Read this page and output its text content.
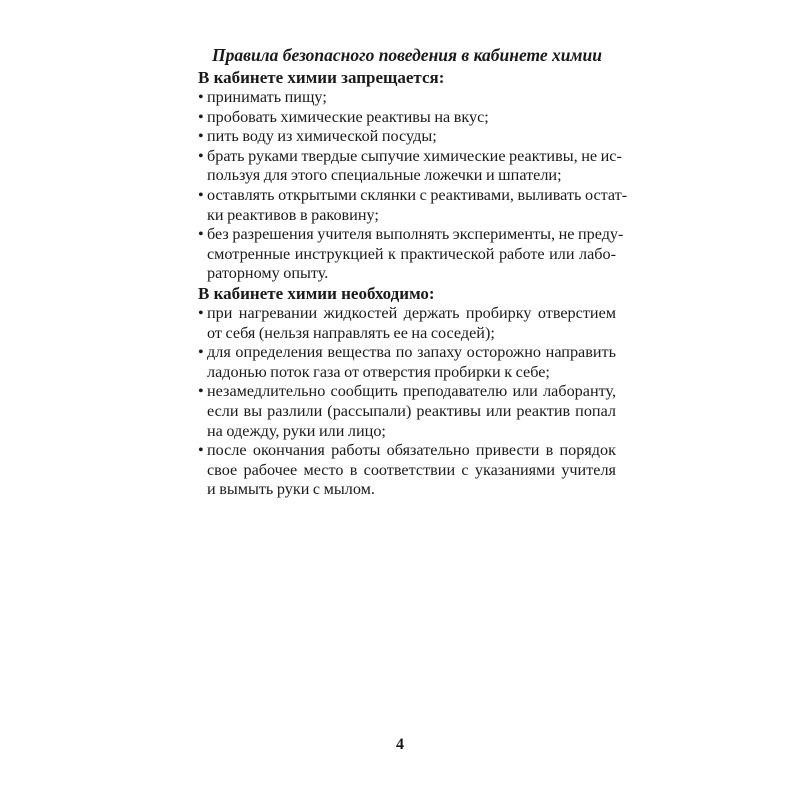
Правила безопасного поведения в кабинете химии
В кабинете химии запрещается:
• принимать пищу;
• пробовать химические реактивы на вкус;
• пить воду из химической посуды;
• брать руками твердые сыпучие химические реактивы, не ис-
пользуя для этого специальные ложечки и шпатели;
• оставлять открытыми склянки с реактивами, выливать остат-
ки реактивов в раковину;
• без разрешения учителя выполнять эксперименты, не преду-
смотренные инструкцией к практической работе или лабо-
раторному опыту.
В кабинете химии необходимо:
• при нагревании жидкостей держать пробирку отверстием
от себя (нельзя направлять ее на соседей);
• для определения вещества по запаху осторожно направить
ладонью поток газа от отверстия пробирки к себе;
• незамедлительно сообщить преподавателю или лаборанту,
если вы разлили (рассыпали) реактивы или реактив попал
на одежду, руки или лицо;
• после окончания работы обязательно привести в порядок
свое рабочее место в соответствии с указаниями учителя
и вымыть руки с мылом.
4
